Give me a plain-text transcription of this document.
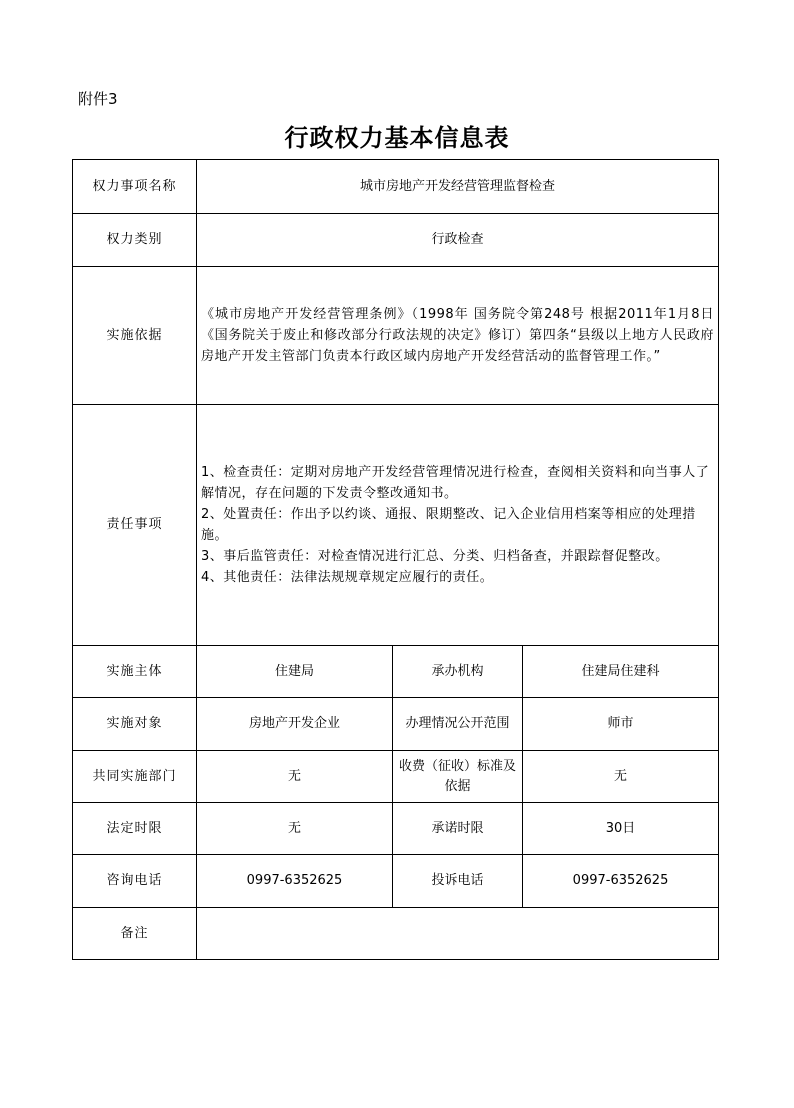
附件3
行政权力基本信息表
权力事项名称	城市房地产开发经营管理监督检查		
权力类别	行政检查		
实施依据	《城市房地产开发经营管理条例》（1998年 国务院令第248号 根据2011年1月8日《国务院关于废止和修改部分行政法规的决定》修订）第四条“县级以上地方人民政府房地产开发主管部门负责本行政区域内房地产开发经营活动的监督管理工作。”		
责任事项	1、检查责任：定期对房地产开发经营管理情况进行检查，查阅相关资料和向当事人了解情况，存在问题的下发责令整改通知书。
2、处置责任：作出予以约谈、通报、限期整改、记入企业信用档案等相应的处理措施。
3、事后监管责任：对检查情况进行汇总、分类、归档备查，并跟踪督促整改。
4、其他责任：法律法规规章规定应履行的责任。		

实施主体	住建局	承办机构	住建局住建科
实施对象	房地产开发企业	办理情况公开范围	师市
共同实施部门	无	收费（征收）标准及依据	无
法定时限	无	承诺时限	30日
咨询电话	0997-6352625	投诉电话	0997-6352625
备注			
